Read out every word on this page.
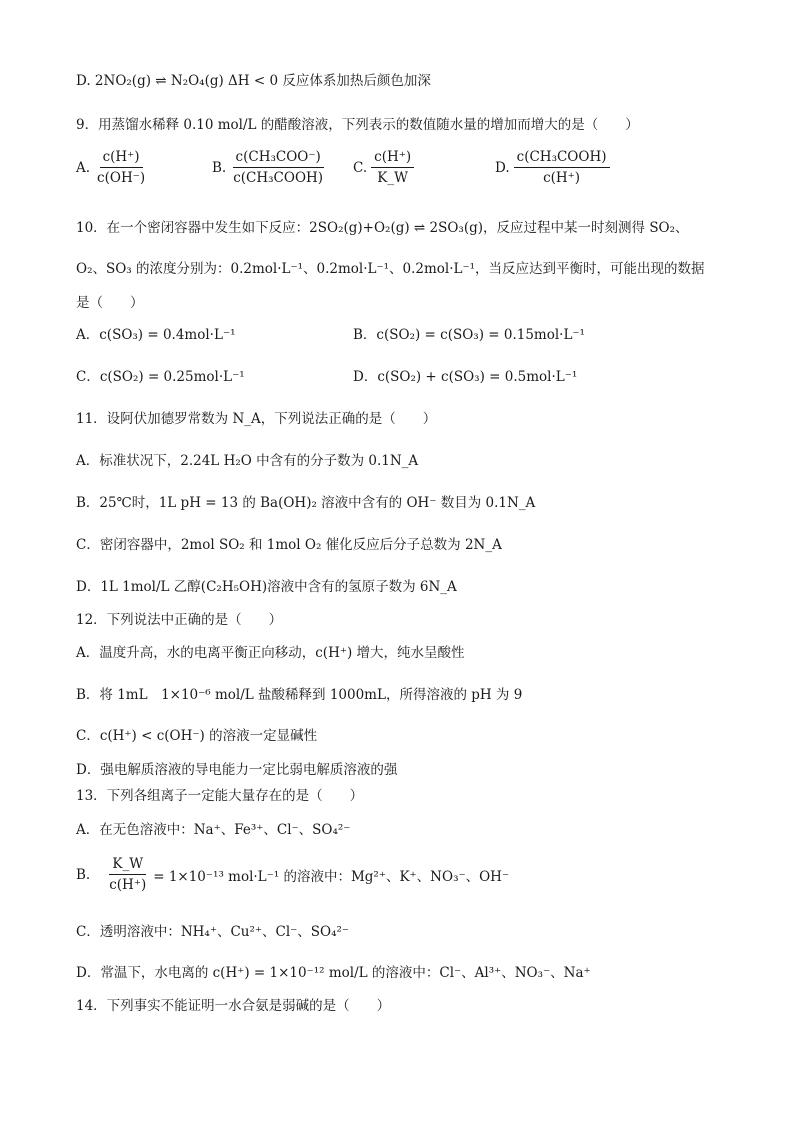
D. 2NO₂(g) ⇌ N₂O₄(g) ΔH < 0 反应体系加热后颜色加深
9．用蒸馏水稀释 0.10 mol/L 的醋酸溶液，下列表示的数值随水量的增加而增大的是（　　）
A. $\frac{c(H^+)}{c(OH^-)}$	B. $\frac{\text{c(CH₃COO⁻)}}{\text{c(CH₃COOH)}} C$. $\frac{c(H^+)}{K\_W}$	D. $\frac{\text{c(CH₃COOH)}}{c(H^+)}$
10．在一个密闭容器中发生如下反应：2SO₂(g)+O₂(g) ⇌ 2SO₃(g)，反应过程中某一时刻测得 SO₂、
O₂、SO₃ 的浓度分别为：0.2mol·L⁻¹、0.2mol·L⁻¹、0.2mol·L⁻¹，当反应达到平衡时，可能出现的数据
是（　　）
A．c(SO₃) = 0.4mol·L⁻¹	B．c(SO₂) = c(SO₃) = 0.15mol·L⁻¹
C．c(SO₂) = 0.25mol·L⁻¹	D．c(SO₂) + c(SO₃) = 0.5mol·L⁻¹
11．设阿伏加德罗常数为 N_A，下列说法正确的是（　　）
A．标准状况下，2.24L H₂O 中含有的分子数为 0.1N_A
B．25℃时，1L pH = 13 的 Ba(OH)₂ 溶液中含有的 OH⁻ 数目为 0.1N_A
C．密闭容器中，2mol SO₂ 和 1mol O₂ 催化反应后分子总数为 2N_A
D．1L 1mol/L 乙醇(C₂H₅OH)溶液中含有的氢原子数为 6N_A
12．下列说法中正确的是（　　）
A．温度升高，水的电离平衡正向移动，c(H⁺) 增大，纯水呈酸性
B．将 1mL　1×10⁻⁶ mol/L 盐酸稀释到 1000mL，所得溶液的 pH 为 9
C．c(H⁺) < c(OH⁻) 的溶液一定显碱性
D．强电解质溶液的导电能力一定比弱电解质溶液的强
13．下列各组离子一定能大量存在的是（　　）
A．在无色溶液中：Na⁺、Fe³⁺、Cl⁻、SO₄²⁻
B. $\frac{K\_W}{c(H^+)} = 1\times 10^{-13}$ mol·L⁻¹ 的溶液中：Mg²⁺、K⁺、NO₃⁻、OH⁻
C．透明溶液中：NH₄⁺、Cu²⁺、Cl⁻、SO₄²⁻
D．常温下，水电离的 c(H⁺) = 1×10⁻¹² mol/L 的溶液中：Cl⁻、Al³⁺、NO₃⁻、Na⁺
14．下列事实不能证明一水合氨是弱碱的是（　　）
